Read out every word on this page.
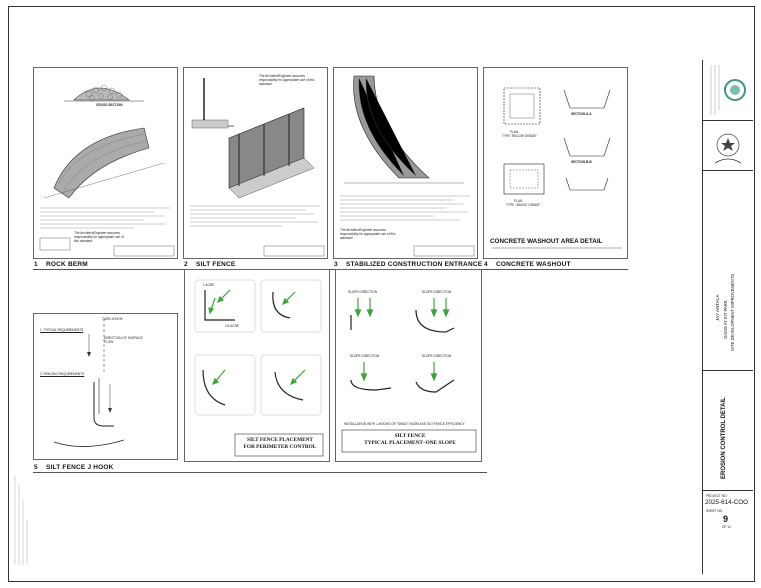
CROSS SECTION
The Architect/Engineer assumes responsibility for appropriate use of this standard.
The Architect/Engineer assumes responsibility for appropriate use of this standard.
The Architect/Engineer assumes responsibility for appropriate use of this standard.
SECTION A-A
SECTION B-B
PLAN
TYPE "BELOW GRADE"
PLAN
TYPE "ABOVE GRADE"
CONCRETE WASHOUT AREA DETAIL
1 ROCK BERM	2 SILT FENCE	3 STABILIZED CONSTRUCTION ENTRANCE 4 CONCRETE WASHOUT
TURN JHOOK
1. TYPICAL REQUIREMENTS
2. SPACING REQUIREMENTS
DIRECTION OF SURFACE FLOW
5 SILT FENCE J HOOK
1 ACRE
1/4 ACRE
SILT FENCE PLACEMENT
FOR PERIMETER CONTROL
SLOPE DIRECTION	SLOPE DIRECTION
SLOPE DIRECTION	SLOPE DIRECTION
INSTALLATION WITH J-HOOKS OR "SMILE" INCREASE SILT FENCE EFFICIENCY
SILT FENCE
TYPICAL PLACEMENT–ONE SLOPE
JAY ANTALA OASIS AT KIT PARK SITE DEVELOPMENT IMPROVEMENTS
EROSION CONTROL DETAIL
PROJECT NO.
2025-614-COO
SHEET NO.
9
OF 12
